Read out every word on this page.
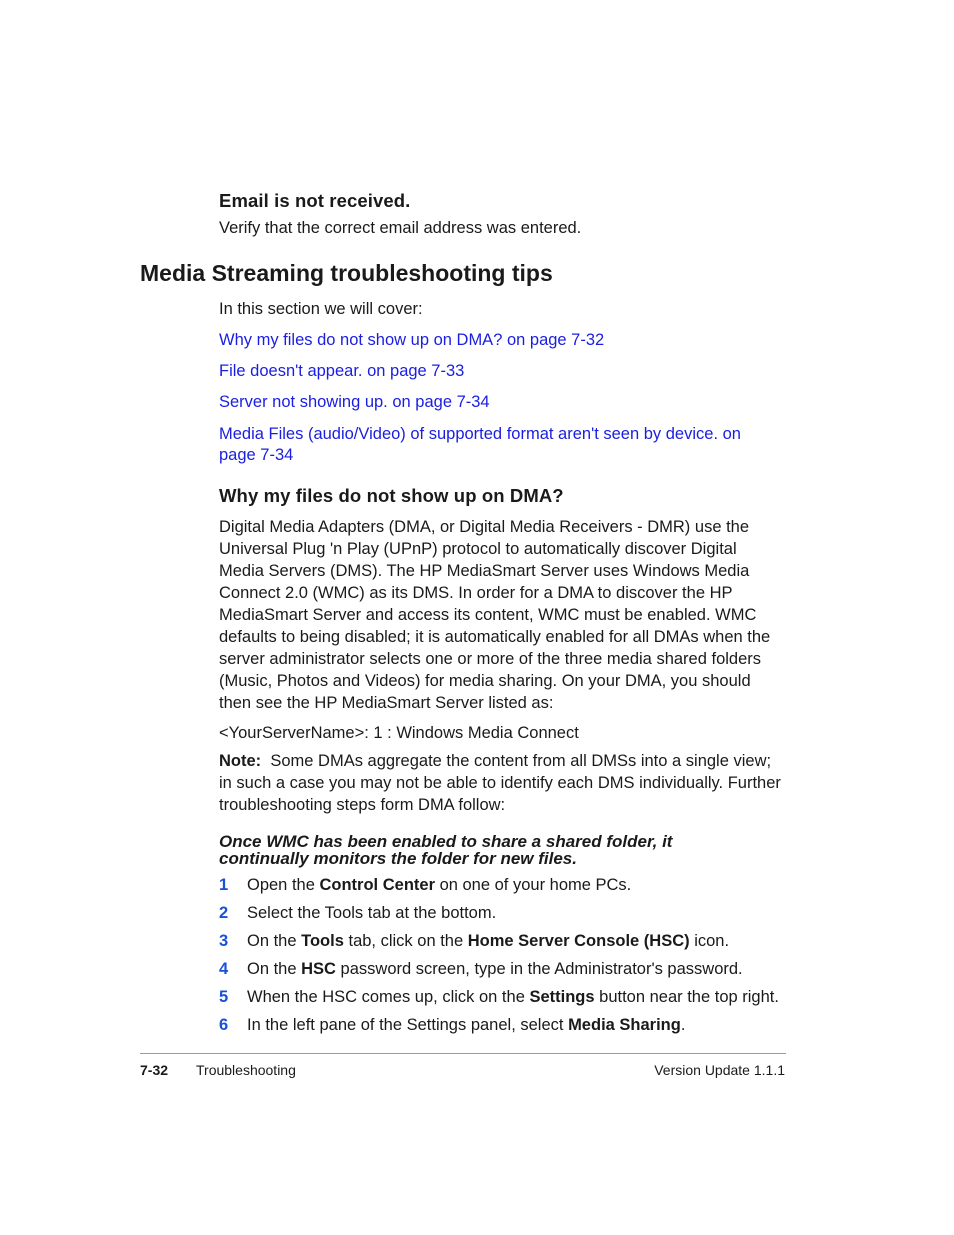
Email is not received.
Verify that the correct email address was entered.
Media Streaming troubleshooting tips
In this section we will cover:
Why my files do not show up on DMA? on page 7-32
File doesn't appear. on page 7-33
Server not showing up. on page 7-34
Media Files (audio/Video) of supported format aren't seen by device. on page 7-34
Why my files do not show up on DMA?
Digital Media Adapters (DMA, or Digital Media Receivers - DMR) use the Universal Plug 'n Play (UPnP) protocol to automatically discover Digital Media Servers (DMS). The HP MediaSmart Server uses Windows Media Connect 2.0 (WMC) as its DMS. In order for a DMA to discover the HP MediaSmart Server and access its content, WMC must be enabled. WMC defaults to being disabled; it is automatically enabled for all DMAs when the server administrator selects one or more of the three media shared folders (Music, Photos and Videos) for media sharing. On your DMA, you should then see the HP MediaSmart Server listed as:
<YourServerName>: 1 : Windows Media Connect
Note: Some DMAs aggregate the content from all DMSs into a single view; in such a case you may not be able to identify each DMS individually. Further troubleshooting steps form DMA follow:
Once WMC has been enabled to share a shared folder, it continually monitors the folder for new files.
1 Open the Control Center on one of your home PCs.
2 Select the Tools tab at the bottom.
3 On the Tools tab, click on the Home Server Console (HSC) icon.
4 On the HSC password screen, type in the Administrator's password.
5 When the HSC comes up, click on the Settings button near the top right.
6 In the left pane of the Settings panel, select Media Sharing.
7-32 Troubleshooting	Version Update 1.1.1
